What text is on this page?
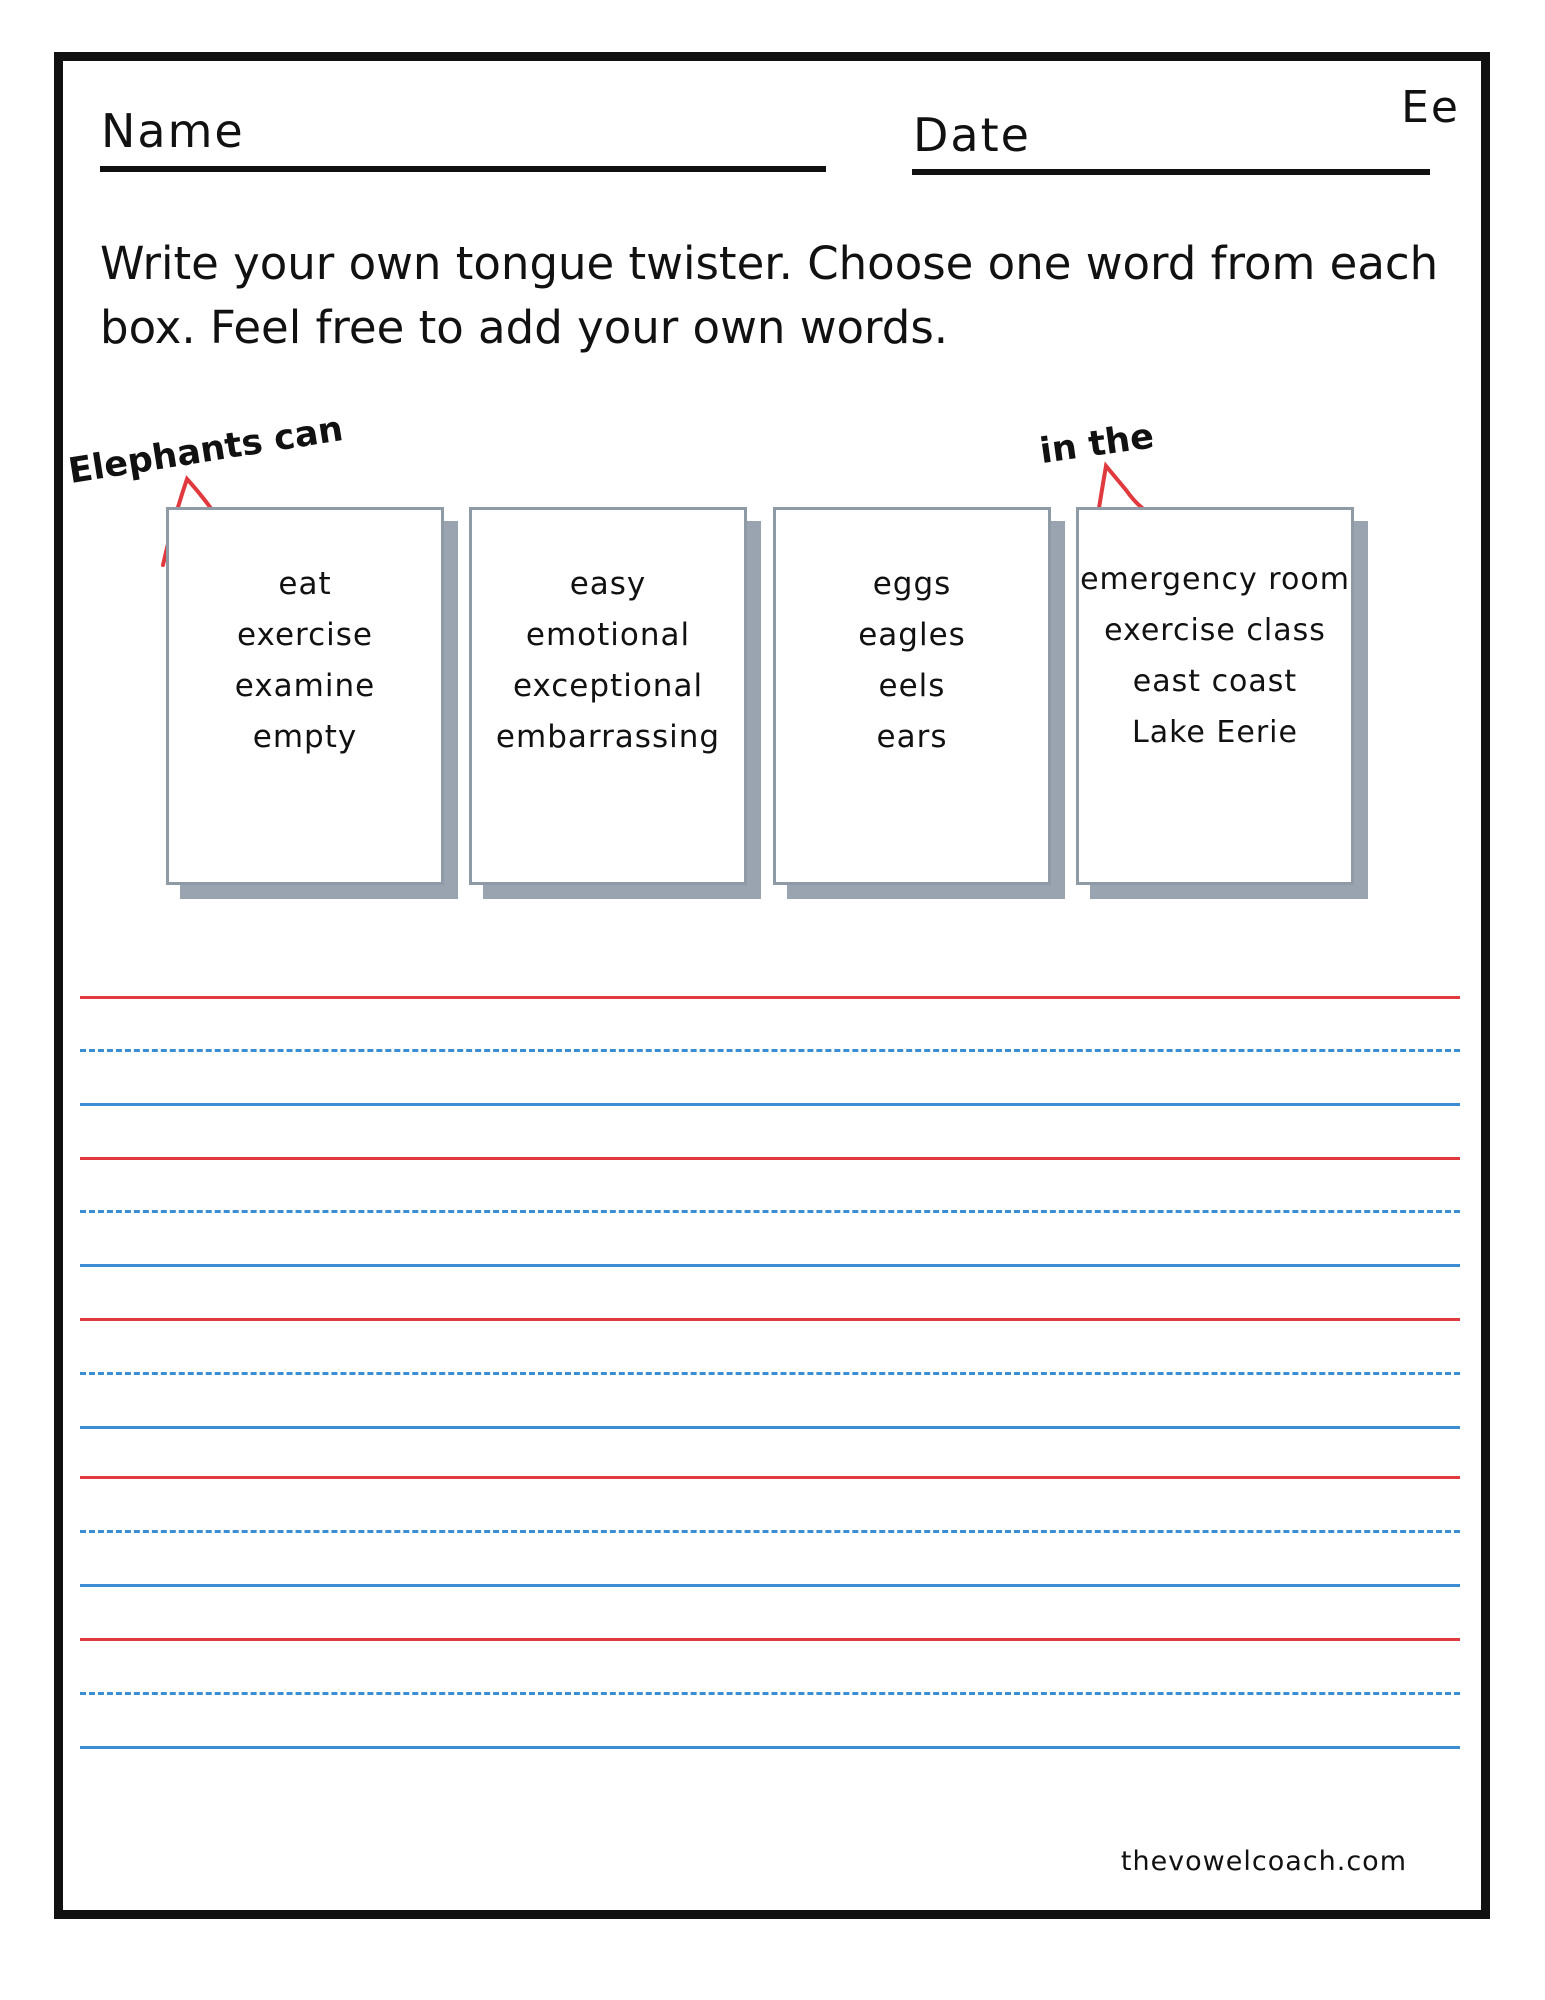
Name	Date
Ee
Write your own tongue twister. Choose one word from each box. Feel free to add your own words.
Elephants can	in the
eat
exercise
examine
empty
easy
emotional
exceptional
embarrassing
eggs
eagles
eels
ears
emergency room
exercise class
east coast
Lake Eerie
thevowelcoach.com
